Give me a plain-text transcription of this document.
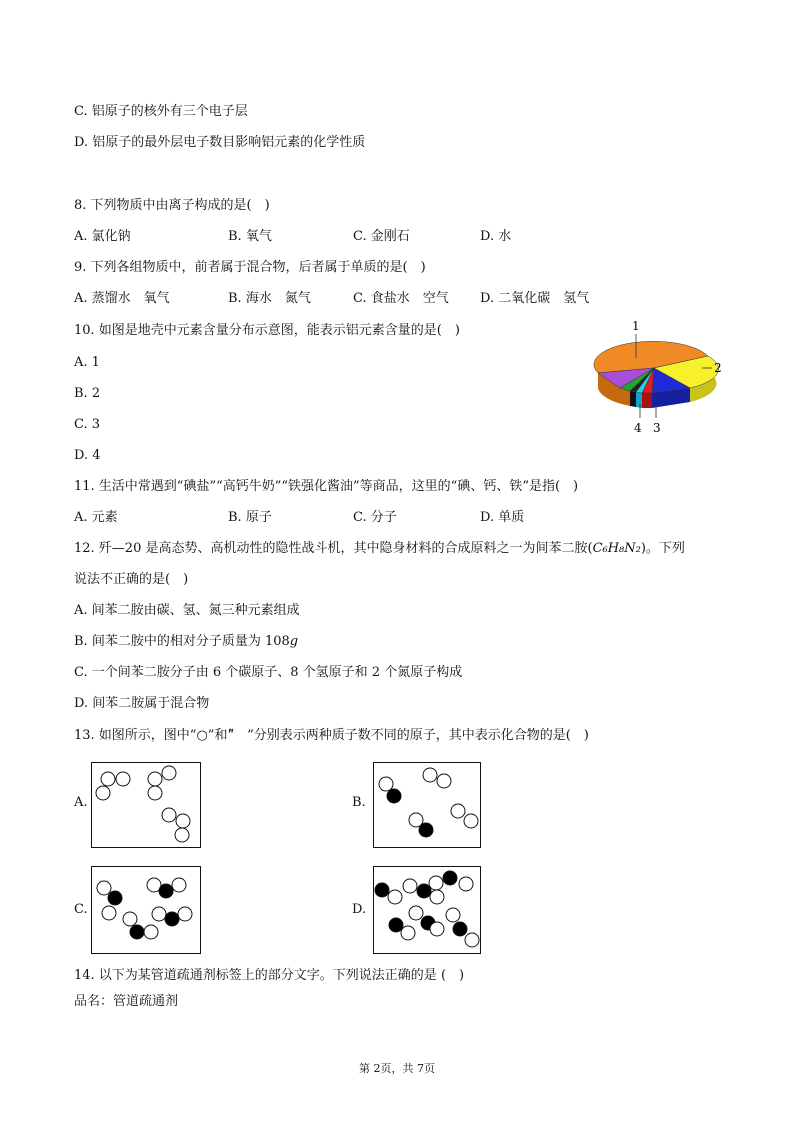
C. 铝原子的核外有三个电子层
D. 铝原子的最外层电子数目影响铝元素的化学性质
8. 下列物质中由离子构成的是(　)
A. 氯化钠	B. 氧气	C. 金刚石	D. 水
9. 下列各组物质中，前者属于混合物，后者属于单质的是(　)
A. 蒸馏水　氧气	B. 海水　氮气	C. 食盐水　空气 D. 二氧化碳　氢气
10. 如图是地壳中元素含量分布示意图，能表示铝元素含量的是(　)
A. 1
B. 2
C. 3
D. 4
1
2
3
4
11. 生活中常遇到“碘盐”“高钙牛奶”“铁强化酱油”等商品，这里的“碘、钙、铁”是指(　)
A. 元素	B. 原子	C. 分子	D. 单质
12. 歼—20 是高态势、高机动性的隐性战斗机，其中隐身材料的合成原料之一为间苯二胺(C₆H₈N₂)。下列
说法不正确的是(　)
A. 间苯二胺由碳、氢、氮三种元素组成
B. 间苯二胺中的相对分子质量为 108g
C. 一个间苯二胺分子由 6 个碳原子、8 个氢原子和 2 个氮原子构成
D. 间苯二胺属于混合物
13. 如图所示，图中“○”和“̃　”分别表示两种质子数不同的原子，其中表示化合物的是(　)
A.	B.
C.	D.
14. 以下为某管道疏通剂标签上的部分文字。下列说法正确的是 (　)
品名：管道疏通剂
第 2页，共 7页
